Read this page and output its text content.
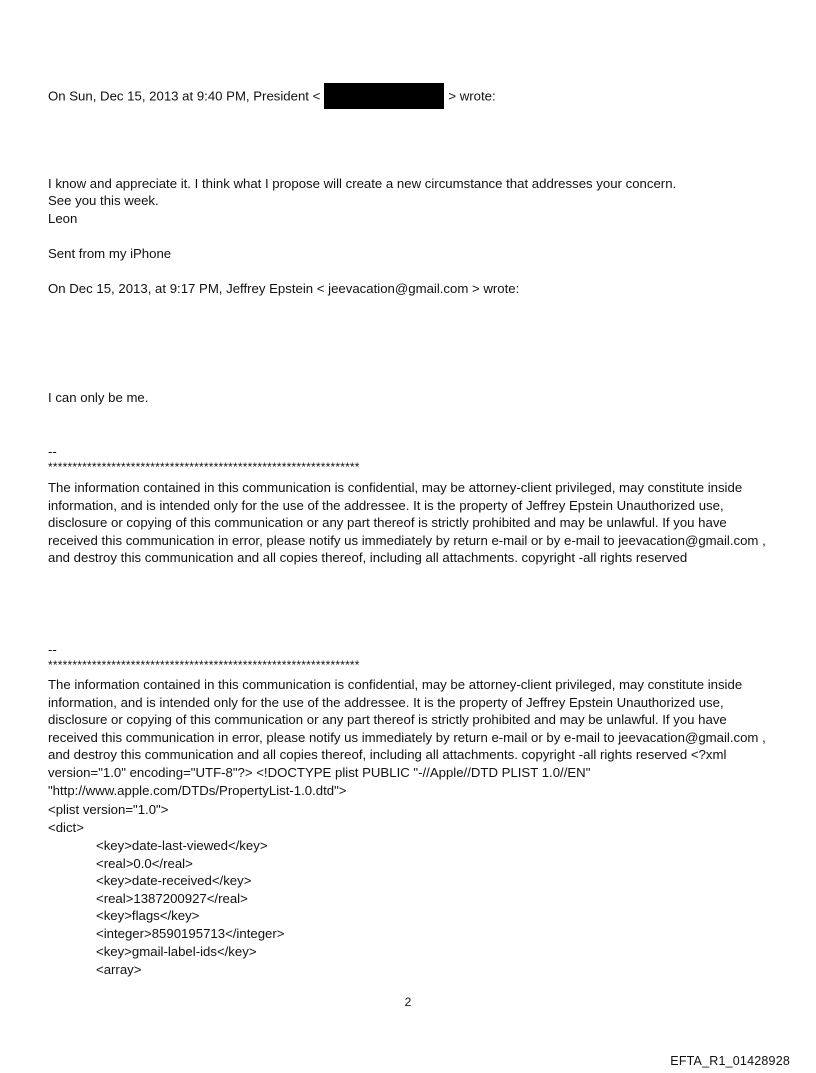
On Sun, Dec 15, 2013 at 9:40 PM, President <	> wrote:
I know and appreciate it. I think what I propose will create a new circumstance that addresses your concern.
See you this week.
Leon
Sent from my iPhone
On Dec 15, 2013, at 9:17 PM, Jeffrey Epstein < jeevacation@gmail.com > wrote:
I can only be me.
--
****************************************************************
The information contained in this communication is confidential, may be attorney-client privileged, may constitute inside information, and is intended only for the use of the addressee. It is the property of Jeffrey Epstein Unauthorized use, disclosure or copying of this communication or any part thereof is strictly prohibited and may be unlawful. If you have received this communication in error, please notify us immediately by return e-mail or by e-mail to jeevacation@gmail.com , and destroy this communication and all copies thereof, including all attachments. copyright -all rights reserved
--
****************************************************************
The information contained in this communication is confidential, may be attorney-client privileged, may constitute inside information, and is intended only for the use of the addressee. It is the property of Jeffrey Epstein Unauthorized use, disclosure or copying of this communication or any part thereof is strictly prohibited and may be unlawful. If you have received this communication in error, please notify us immediately by return e-mail or by e-mail to jeevacation@gmail.com , and destroy this communication and all copies thereof, including all attachments. copyright -all rights reserved <?xml version="1.0" encoding="UTF-8"?> <!DOCTYPE plist PUBLIC "-//Apple//DTD PLIST 1.0//EN" "http://www.apple.com/DTDs/PropertyList-1.0.dtd">
<plist version="1.0">
<dict>
<key>date-last-viewed</key>
<real>0.0</real>
<key>date-received</key>
<real>1387200927</real>
<key>flags</key>
<integer>8590195713</integer>
<key>gmail-label-ids</key>
<array>
2
EFTA_R1_01428928
